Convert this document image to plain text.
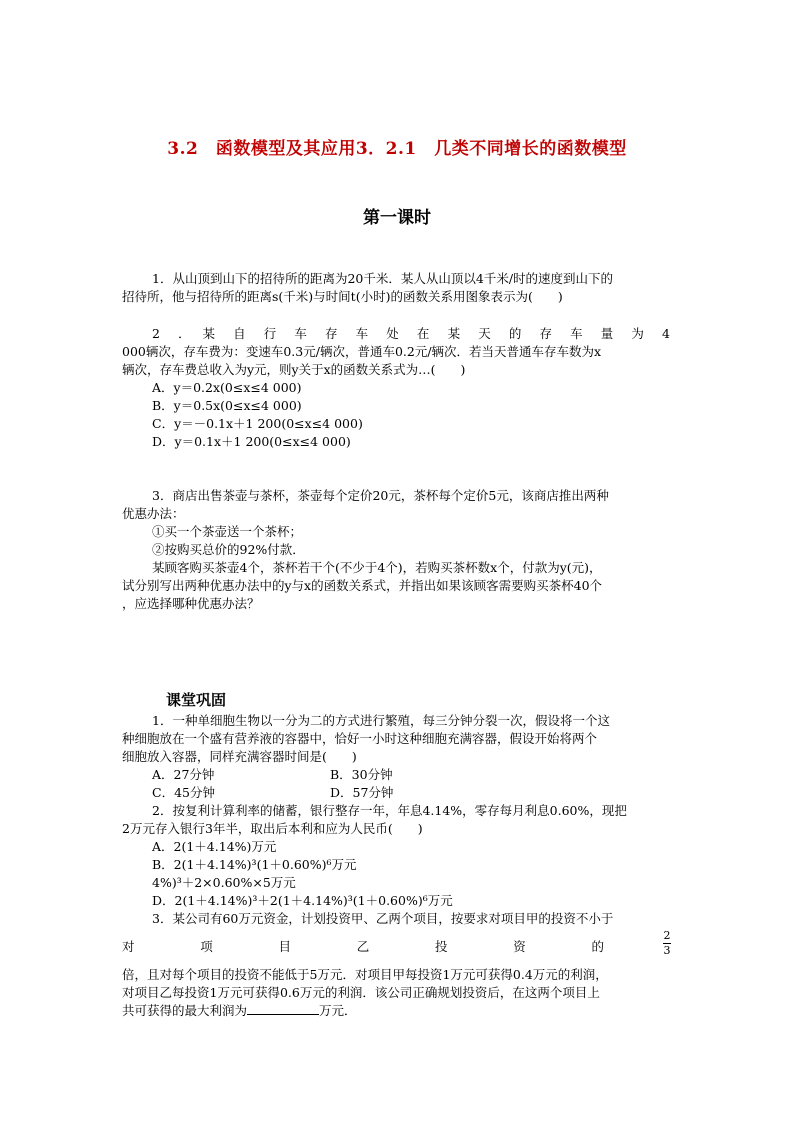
3.2　函数模型及其应用3．2.1　几类不同增长的函数模型
第一课时
1．从山顶到山下的招待所的距离为20千米．某人从山顶以4千米/时的速度到山下的
招待所，他与招待所的距离s(千米)与时间t(小时)的函数关系用图象表示为(　　)
2　．　某　自　行　车　存　车　处　在　某　天　的　存　车　量　为　4
000辆次，存车费为：变速车0.3元/辆次，普通车0.2元/辆次．若当天普通车存车数为x
辆次，存车费总收入为y元，则y关于x的函数关系式为…(　　)
A．y＝0.2x(0≤x≤4 000)
B．y＝0.5x(0≤x≤4 000)
C．y＝－0.1x＋1 200(0≤x≤4 000)
D．y＝0.1x＋1 200(0≤x≤4 000)
3．商店出售茶壶与茶杯，茶壶每个定价20元，茶杯每个定价5元，该商店推出两种
优惠办法：
①买一个茶壶送一个茶杯；
②按购买总价的92%付款．
某顾客购买茶壶4个，茶杯若干个(不少于4个)，若购买茶杯数x个，付款为y(元)，
试分别写出两种优惠办法中的y与x的函数关系式，并指出如果该顾客需要购买茶杯40个
，应选择哪种优惠办法？
课堂巩固
1．一种单细胞生物以一分为二的方式进行繁殖，每三分钟分裂一次，假设将一个这
种细胞放在一个盛有营养液的容器中，恰好一小时这种细胞充满容器，假设开始将两个
细胞放入容器，同样充满容器时间是(　　)
A．27分钟	B．30分钟
C．45分钟	D．57分钟
2．按复利计算利率的储蓄，银行整存一年，年息4.14%，零存每月利息0.60%，现把
2万元存入银行3年半，取出后本利和应为人民币(　　)
A．2(1＋4.14%)万元
B．2(1＋4.14%)³(1＋0.60%)⁶万元
4%)³＋2×0.60%×5万元
D．2(1＋4.14%)³＋2(1＋4.14%)³(1＋0.60%)⁶万元
3．某公司有60万元资金，计划投资甲、乙两个项目，按要求对项目甲的投资不小于
对　　项　　目　　乙　　投　　资　　的
2
3
倍，且对每个项目的投资不能低于5万元．对项目甲每投资1万元可获得0.4万元的利润，
对项目乙每投资1万元可获得0.6万元的利润．该公司正确规划投资后，在这两个项目上
共可获得的最大利润为	万元．
